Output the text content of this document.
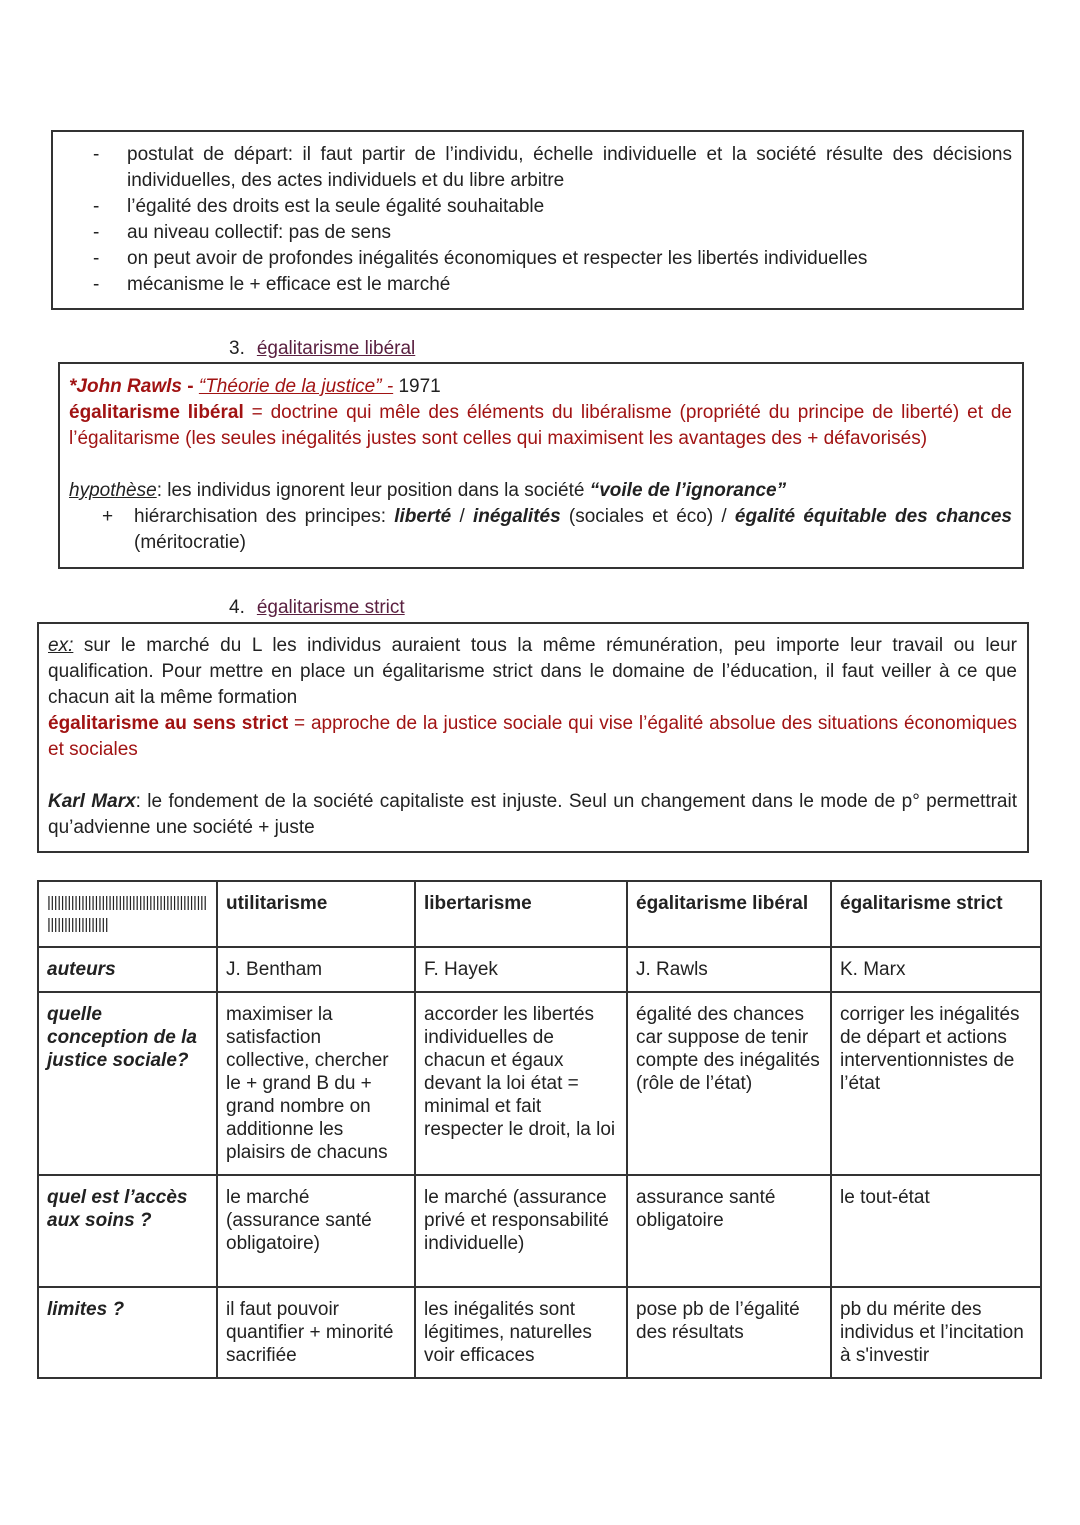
- postulat de départ: il faut partir de l’individu, échelle individuelle et la société résulte des décisions individuelles, des actes individuels et du libre arbitre
- l’égalité des droits est la seule égalité souhaitable
- au niveau collectif: pas de sens
- on peut avoir de profondes inégalités économiques et respecter les libertés individuelles
- mécanisme le + efficace est le marché
3. égalitarisme libéral
*John Rawls - “Théorie de la justice” - 1971
égalitarisme libéral = doctrine qui mêle des éléments du libéralisme (propriété du principe de liberté) et de l’égalitarisme (les seules inégalités justes sont celles qui maximisent les avantages des + défavorisés)
hypothèse: les individus ignorent leur position dans la société “voile de l’ignorance”
+ hiérarchisation des principes: liberté / inégalités (sociales et éco) / égalité équitable des chances (méritocratie)
4. égalitarisme strict
ex: sur le marché du L les individus auraient tous la même rémunération, peu importe leur travail ou leur qualification. Pour mettre en place un égalitarisme strict dans le domaine de l’éducation, il faut veiller à ce que chacun ait la même formation
égalitarisme au sens strict = approche de la justice sociale qui vise l’égalité absolue des situations économiques et sociales
Karl Marx: le fondement de la société capitaliste est injuste. Seul un changement dans le mode de p° permettrait qu’advienne une société + juste
|||||||||||||||||||||||||||||||||||||||||||||||||||||||||||||||||	utilitarisme	libertarisme	égalitarisme libéral	égalitarisme strict
auteurs	J. Bentham	F. Hayek	J. Rawls	K. Marx
quelle conception de la justice sociale?	maximiser la satisfaction collective, chercher le + grand B du + grand nombre on additionne les plaisirs de chacuns	accorder les libertés individuelles de chacun et égaux devant la loi état = minimal et fait respecter le droit, la loi	égalité des chances car suppose de tenir compte des inégalités (rôle de l’état)	corriger les inégalités de départ et actions interventionnistes de l’état
quel est l’accès aux soins ?	le marché (assurance santé obligatoire)	le marché (assurance privé et responsabilité individuelle)	assurance santé obligatoire	le tout-état
limites ?	il faut pouvoir quantifier + minorité sacrifiée	les inégalités sont légitimes, naturelles voir efficaces	pose pb de l’égalité des résultats	pb du mérite des individus et l’incitation à s'investir
